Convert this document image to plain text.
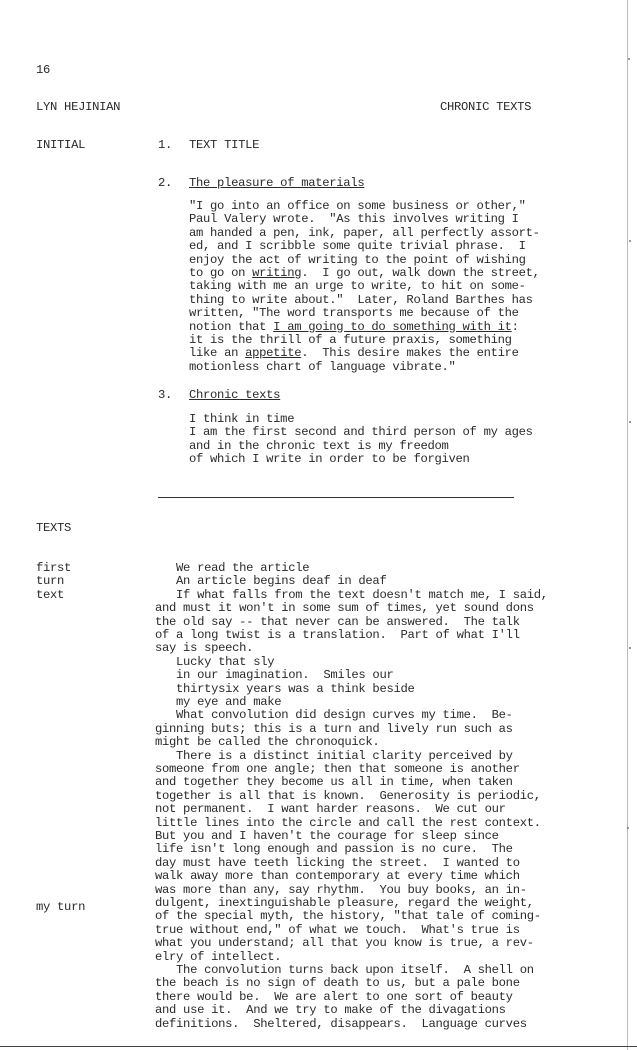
16
LYN HEJINIAN	CHRONIC TEXTS
INITIAL	1. TEXT TITLE
2. The pleasure of materials
"I go into an office on some business or other,"
Paul Valery wrote.  "As this involves writing I
am handed a pen, ink, paper, all perfectly assort-
ed, and I scribble some quite trivial phrase.  I
enjoy the act of writing to the point of wishing
to go on writing.  I go out, walk down the street,
taking with me an urge to write, to hit on some-
thing to write about."  Later, Roland Barthes has
written, "The word transports me because of the
notion that I am going to do something with it:
it is the thrill of a future praxis, something
like an appetite.  This desire makes the entire
motionless chart of language vibrate."
3. Chronic texts
I think in time
I am the first second and third person of my ages
and in the chronic text is my freedom
of which I write in order to be forgiven
TEXTS
first
turn
text
my turn
We read the article
An article begins deaf in deaf
If what falls from the text doesn't match me, I said,
and must it won't in some sum of times, yet sound dons
the old say -- that never can be answered.  The talk
of a long twist is a translation.  Part of what I'll
say is speech.
Lucky that sly
in our imagination.  Smiles our
thirtysix years was a think beside
my eye and make
What convolution did design curves my time.  Be-
ginning buts; this is a turn and lively run such as
might be called the chronoquick.
There is a distinct initial clarity perceived by
someone from one angle; then that someone is another
and together they become us all in time, when taken
together is all that is known.  Generosity is periodic,
not permanent.  I want harder reasons.  We cut our
little lines into the circle and call the rest context.
But you and I haven't the courage for sleep since
life isn't long enough and passion is no cure.  The
day must have teeth licking the street.  I wanted to
walk away more than contemporary at every time which
was more than any, say rhythm.  You buy books, an in-
dulgent, inextinguishable pleasure, regard the weight,
of the special myth, the history, "that tale of coming-
true without end," of what we touch.  What's true is
what you understand; all that you know is true, a rev-
elry of intellect.
The convolution turns back upon itself.  A shell on
the beach is no sign of death to us, but a pale bone
there would be.  We are alert to one sort of beauty
and use it.  And we try to make of the divagations
definitions.  Sheltered, disappears.  Language curves
